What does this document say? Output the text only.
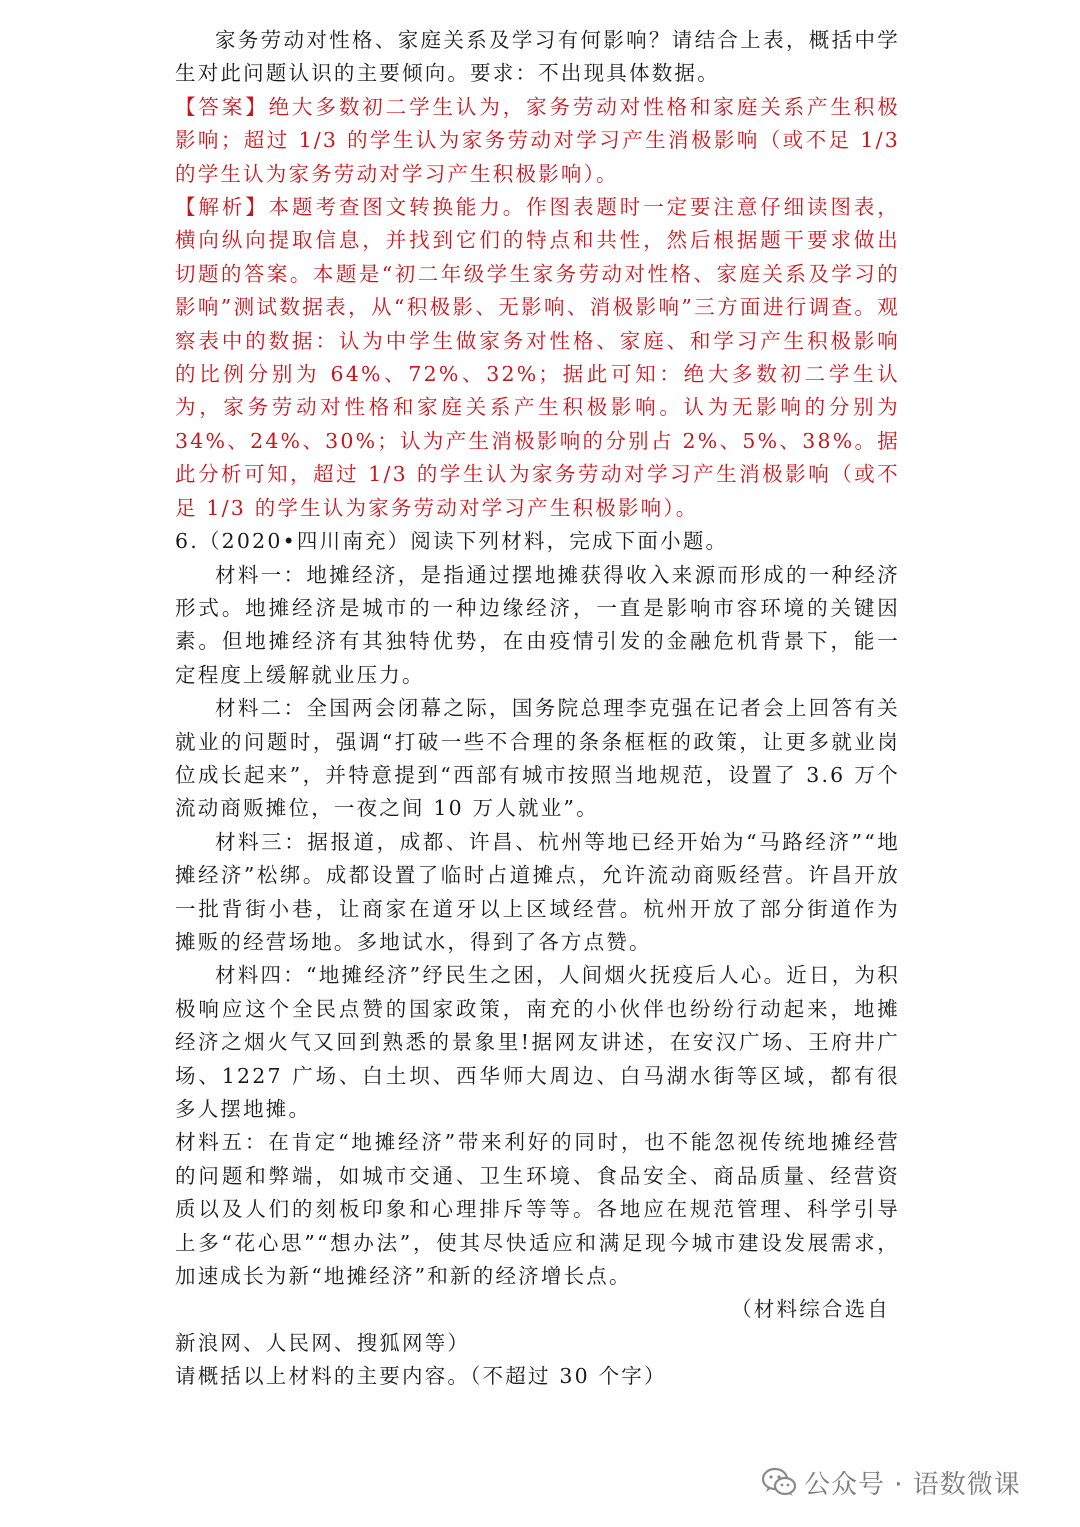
家务劳动对性格、家庭关系及学习有何影响？请结合上表，概括中学生对此问题认识的主要倾向。要求：不出现具体数据。

【答案】绝大多数初二学生认为，家务劳动对性格和家庭关系产生积极影响；超过 1/3 的学生认为家务劳动对学习产生消极影响（或不足 1/3 的学生认为家务劳动对学习产生积极影响）。

【解析】本题考查图文转换能力。作图表题时一定要注意仔细读图表，横向纵向提取信息，并找到它们的特点和共性，然后根据题干要求做出切题的答案。本题是“初二年级学生家务劳动对性格、家庭关系及学习的影响”测试数据表，从“积极影、无影响、消极影响”三方面进行调查。观察表中的数据：认为中学生做家务对性格、家庭、和学习产生积极影响的比例分别为 64%、72%、32%；据此可知：绝大多数初二学生认为，家务劳动对性格和家庭关系产生积极影响。认为无影响的分别为 34%、24%、30%；认为产生消极影响的分别占 2%、5%、38%。据此分析可知，超过 1/3 的学生认为家务劳动对学习产生消极影响（或不足 1/3 的学生认为家务劳动对学习产生积极影响）。

6.（2020•四川南充）阅读下列材料，完成下面小题。

材料一：地摊经济，是指通过摆地摊获得收入来源而形成的一种经济形式。地摊经济是城市的一种边缘经济，一直是影响市容环境的关键因素。但地摊经济有其独特优势，在由疫情引发的金融危机背景下，能一定程度上缓解就业压力。

材料二：全国两会闭幕之际，国务院总理李克强在记者会上回答有关就业的问题时，强调“打破一些不合理的条条框框的政策，让更多就业岗位成长起来”，并特意提到“西部有城市按照当地规范，设置了 3.6 万个流动商贩摊位，一夜之间 10 万人就业”。

材料三：据报道，成都、许昌、杭州等地已经开始为“马路经济”“地摊经济”松绑。成都设置了临时占道摊点，允许流动商贩经营。许昌开放一批背街小巷，让商家在道牙以上区域经营。杭州开放了部分街道作为摊贩的经营场地。多地试水，得到了各方点赞。

材料四：“地摊经济”纾民生之困，人间烟火抚疫后人心。近日，为积极响应这个全民点赞的国家政策，南充的小伙伴也纷纷行动起来，地摊经济之烟火气又回到熟悉的景象里!据网友讲述，在安汉广场、王府井广场、1227 广场、白土坝、西华师大周边、白马湖水街等区域，都有很多人摆地摊。

材料五：在肯定“地摊经济”带来利好的同时，也不能忽视传统地摊经营的问题和弊端，如城市交通、卫生环境、食品安全、商品质量、经营资质以及人们的刻板印象和心理排斥等等。各地应在规范管理、科学引导上多“花心思”“想办法”，使其尽快适应和满足现今城市建设发展需求，加速成长为新“地摊经济”和新的经济增长点。

（材料综合选自

新浪网、人民网、搜狐网等）

请概括以上材料的主要内容。（不超过 30 个字）

公众号 · 语数微课
